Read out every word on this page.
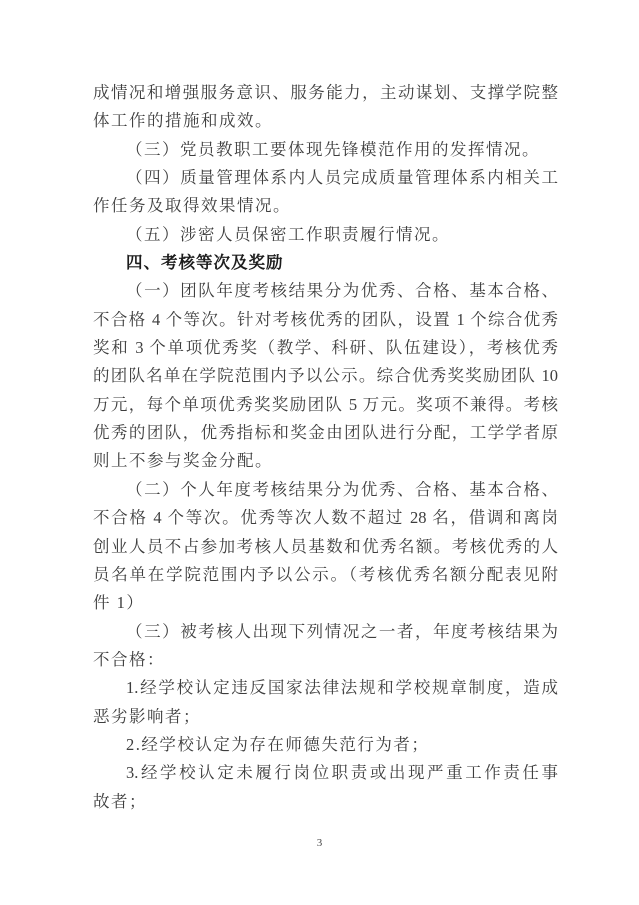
成情况和增强服务意识、服务能力，主动谋划、支撑学院整
体工作的措施和成效。
（三）党员教职工要体现先锋模范作用的发挥情况。
（四）质量管理体系内人员完成质量管理体系内相关工
作任务及取得效果情况。
（五）涉密人员保密工作职责履行情况。
四、考核等次及奖励
（一）团队年度考核结果分为优秀、合格、基本合格、
不合格 4 个等次。针对考核优秀的团队，设置 1 个综合优秀
奖和 3 个单项优秀奖（教学、科研、队伍建设），考核优秀
的团队名单在学院范围内予以公示。综合优秀奖奖励团队 10
万元，每个单项优秀奖奖励团队 5 万元。奖项不兼得。考核
优秀的团队，优秀指标和奖金由团队进行分配，工学学者原
则上不参与奖金分配。
（二）个人年度考核结果分为优秀、合格、基本合格、
不合格 4 个等次。优秀等次人数不超过 28 名，借调和离岗
创业人员不占参加考核人员基数和优秀名额。考核优秀的人
员名单在学院范围内予以公示。（考核优秀名额分配表见附
件 1）
（三）被考核人出现下列情况之一者，年度考核结果为
不合格：
1.经学校认定违反国家法律法规和学校规章制度，造成
恶劣影响者；
2.经学校认定为存在师德失范行为者；
3.经学校认定未履行岗位职责或出现严重工作责任事
故者；
3
